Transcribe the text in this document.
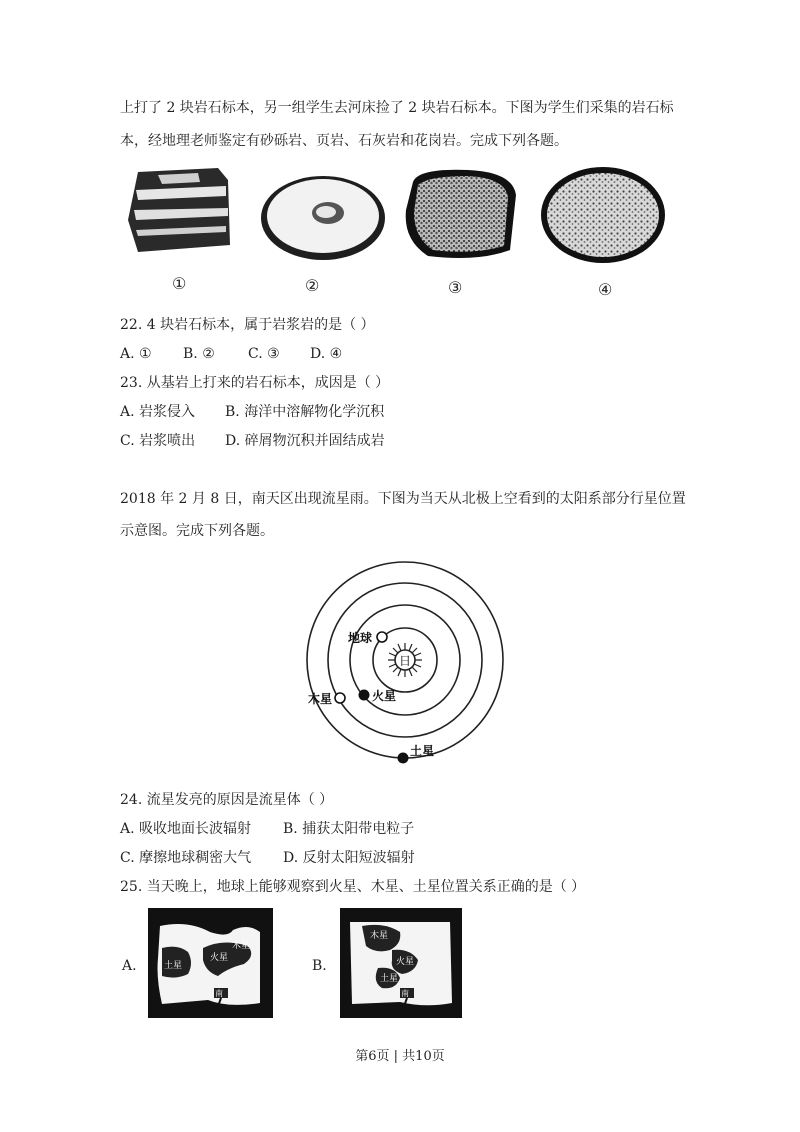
上打了 2 块岩石标本，另一组学生去河床捡了 2 块岩石标本。下图为学生们采集的岩石标
本，经地理老师鉴定有砂砾岩、页岩、石灰岩和花岗岩。完成下列各题。
①	②	③	④
22. 4 块岩石标本，属于岩浆岩的是（ ）
A. ① B. ② C. ③ D. ④
23. 从基岩上打来的岩石标本，成因是（ ）
A. 岩浆侵入 B. 海洋中溶解物化学沉积
C. 岩浆喷出 D. 碎屑物沉积并固结成岩
2018 年 2 月 8 日，南天区出现流星雨。下图为当天从北极上空看到的太阳系部分行星位置
示意图。完成下列各题。
日
地球
火星
木星
土星
24. 流星发亮的原因是流星体（ ）
A. 吸收地面长波辐射 B. 捕获太阳带电粒子
C. 摩擦地球稠密大气 D. 反射太阳短波辐射
25. 当天晚上，地球上能够观察到火星、木星、土星位置关系正确的是（ ）
A.
木星
火星
土星
南
B.
木星
火星
土星
南
第6页 | 共10页
